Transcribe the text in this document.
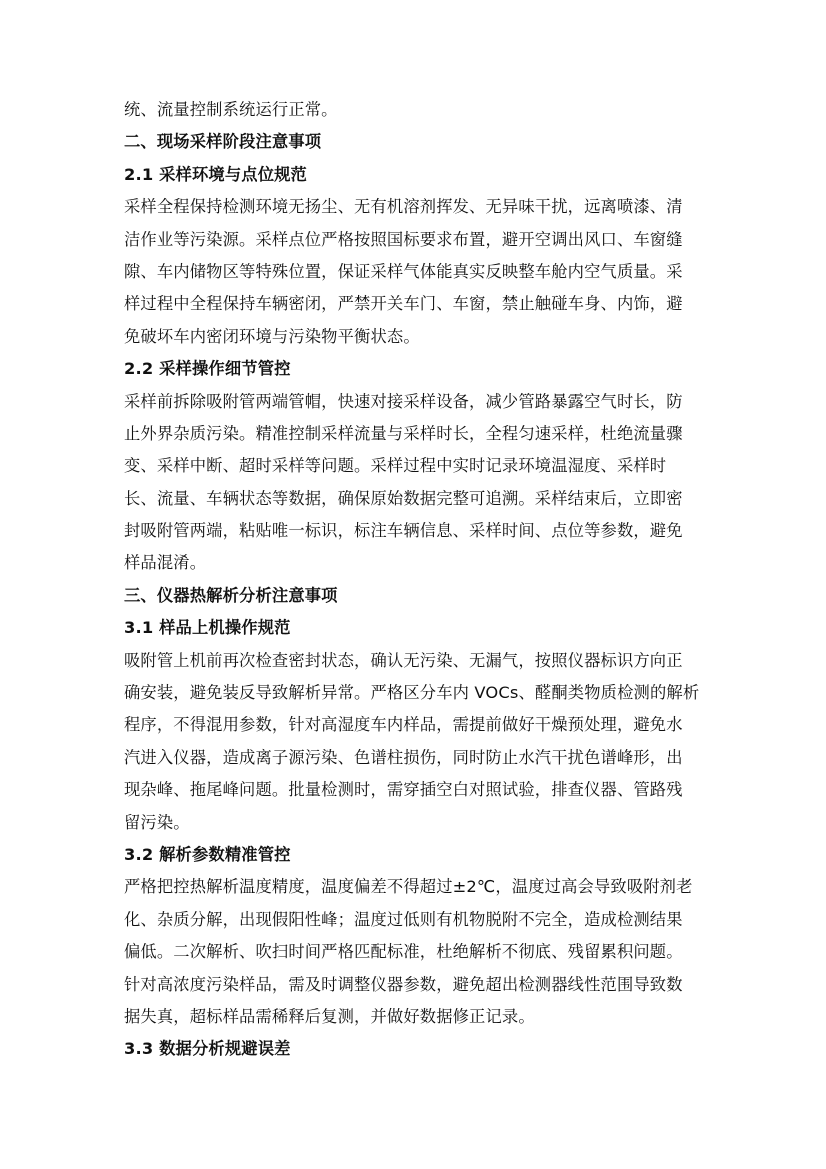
统、流量控制系统运行正常。
二、现场采样阶段注意事项
2.1 采样环境与点位规范
采样全程保持检测环境无扬尘、无有机溶剂挥发、无异味干扰，远离喷漆、清
洁作业等污染源。采样点位严格按照国标要求布置，避开空调出风口、车窗缝
隙、车内储物区等特殊位置，保证采样气体能真实反映整车舱内空气质量。采
样过程中全程保持车辆密闭，严禁开关车门、车窗，禁止触碰车身、内饰，避
免破坏车内密闭环境与污染物平衡状态。
2.2 采样操作细节管控
采样前拆除吸附管两端管帽，快速对接采样设备，减少管路暴露空气时长，防
止外界杂质污染。精准控制采样流量与采样时长，全程匀速采样，杜绝流量骤
变、采样中断、超时采样等问题。采样过程中实时记录环境温湿度、采样时
长、流量、车辆状态等数据，确保原始数据完整可追溯。采样结束后，立即密
封吸附管两端，粘贴唯一标识，标注车辆信息、采样时间、点位等参数，避免
样品混淆。
三、仪器热解析分析注意事项
3.1 样品上机操作规范
吸附管上机前再次检查密封状态，确认无污染、无漏气，按照仪器标识方向正
确安装，避免装反导致解析异常。严格区分车内 VOCs、醛酮类物质检测的解析
程序，不得混用参数，针对高湿度车内样品，需提前做好干燥预处理，避免水
汽进入仪器，造成离子源污染、色谱柱损伤，同时防止水汽干扰色谱峰形，出
现杂峰、拖尾峰问题。批量检测时，需穿插空白对照试验，排查仪器、管路残
留污染。
3.2 解析参数精准管控
严格把控热解析温度精度，温度偏差不得超过±2℃，温度过高会导致吸附剂老
化、杂质分解，出现假阳性峰；温度过低则有机物脱附不完全，造成检测结果
偏低。二次解析、吹扫时间严格匹配标准，杜绝解析不彻底、残留累积问题。
针对高浓度污染样品，需及时调整仪器参数，避免超出检测器线性范围导致数
据失真，超标样品需稀释后复测，并做好数据修正记录。
3.3 数据分析规避误差
